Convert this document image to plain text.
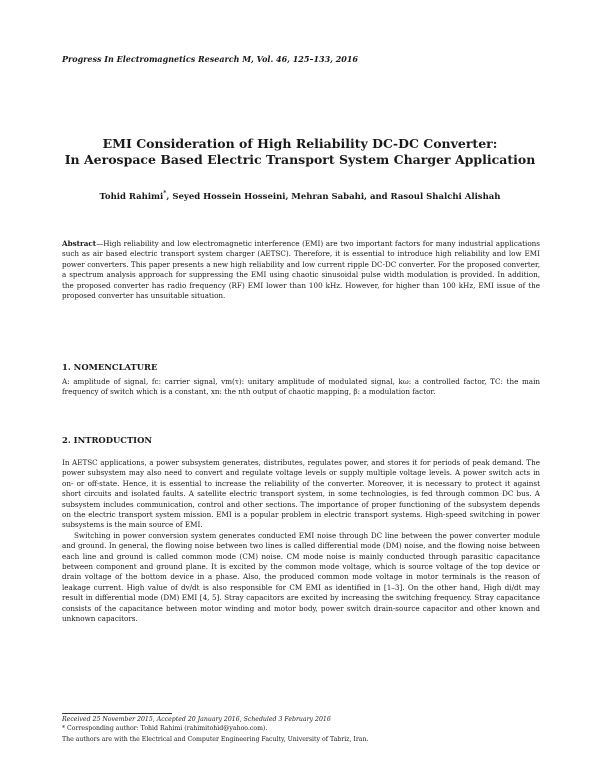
Progress In Electromagnetics Research M, Vol. 46, 125–133, 2016
EMI Consideration of High Reliability DC-DC Converter:
In Aerospace Based Electric Transport System Charger Application
Tohid Rahimi*, Seyed Hossein Hosseini, Mehran Sabahi, and Rasoul Shalchi Alishah
Abstract—High reliability and low electromagnetic interference (EMI) are two important factors for many industrial applications such as air based electric transport system charger (AETSC). Therefore, it is essential to introduce high reliability and low EMI power converters. This paper presents a new high reliability and low current ripple DC-DC converter. For the proposed converter, a spectrum analysis approach for suppressing the EMI using chaotic sinusoidal pulse width modulation is provided. In addition, the proposed converter has radio frequency (RF) EMI lower than 100 kHz. However, for higher than 100 kHz, EMI issue of the proposed converter has unsuitable situation.
1. NOMENCLATURE
A: amplitude of signal, fc: carrier signal, vm(τ): unitary amplitude of modulated signal, kω: a controlled factor, TC: the main frequency of switch which is a constant, xn: the nth output of chaotic mapping, β: a modulation factor.
2. INTRODUCTION

In AETSC applications, a power subsystem generates, distributes, regulates power, and stores it for periods of peak demand. The power subsystem may also need to convert and regulate voltage levels or supply multiple voltage levels. A power switch acts in on- or off-state. Hence, it is essential to increase the reliability of the converter. Moreover, it is necessary to protect it against short circuits and isolated faults. A satellite electric transport system, in some technologies, is fed through common DC bus. A subsystem includes communication, control and other sections. The importance of proper functioning of the subsystem depends on the electric transport system mission. EMI is a popular problem in electric transport systems. High-speed switching in power subsystems is the main source of EMI.

Switching in power conversion system generates conducted EMI noise through DC line between the power converter module and ground. In general, the flowing noise between two lines is called differential mode (DM) noise, and the flowing noise between each line and ground is called common mode (CM) noise. CM mode noise is mainly conducted through parasitic capacitance between component and ground plane. It is excited by the common mode voltage, which is source voltage of the top device or drain voltage of the bottom device in a phase. Also, the produced common mode voltage in motor terminals is the reason of leakage current. High value of dv/dt is also responsible for CM EMI as identified in [1–3]. On the other hand, High di/dt may result in differential mode (DM) EMI [4, 5]. Stray capacitors are excited by increasing the switching frequency. Stray capacitance consists of the capacitance between motor winding and motor body, power switch drain-source capacitor and other known and unknown capacitors.

Received 25 November 2015, Accepted 20 January 2016, Scheduled 3 February 2016
* Corresponding author: Tohid Rahimi (rahimitohid@yahoo.com).
The authors are with the Electrical and Computer Engineering Faculty, University of Tabriz, Iran.
